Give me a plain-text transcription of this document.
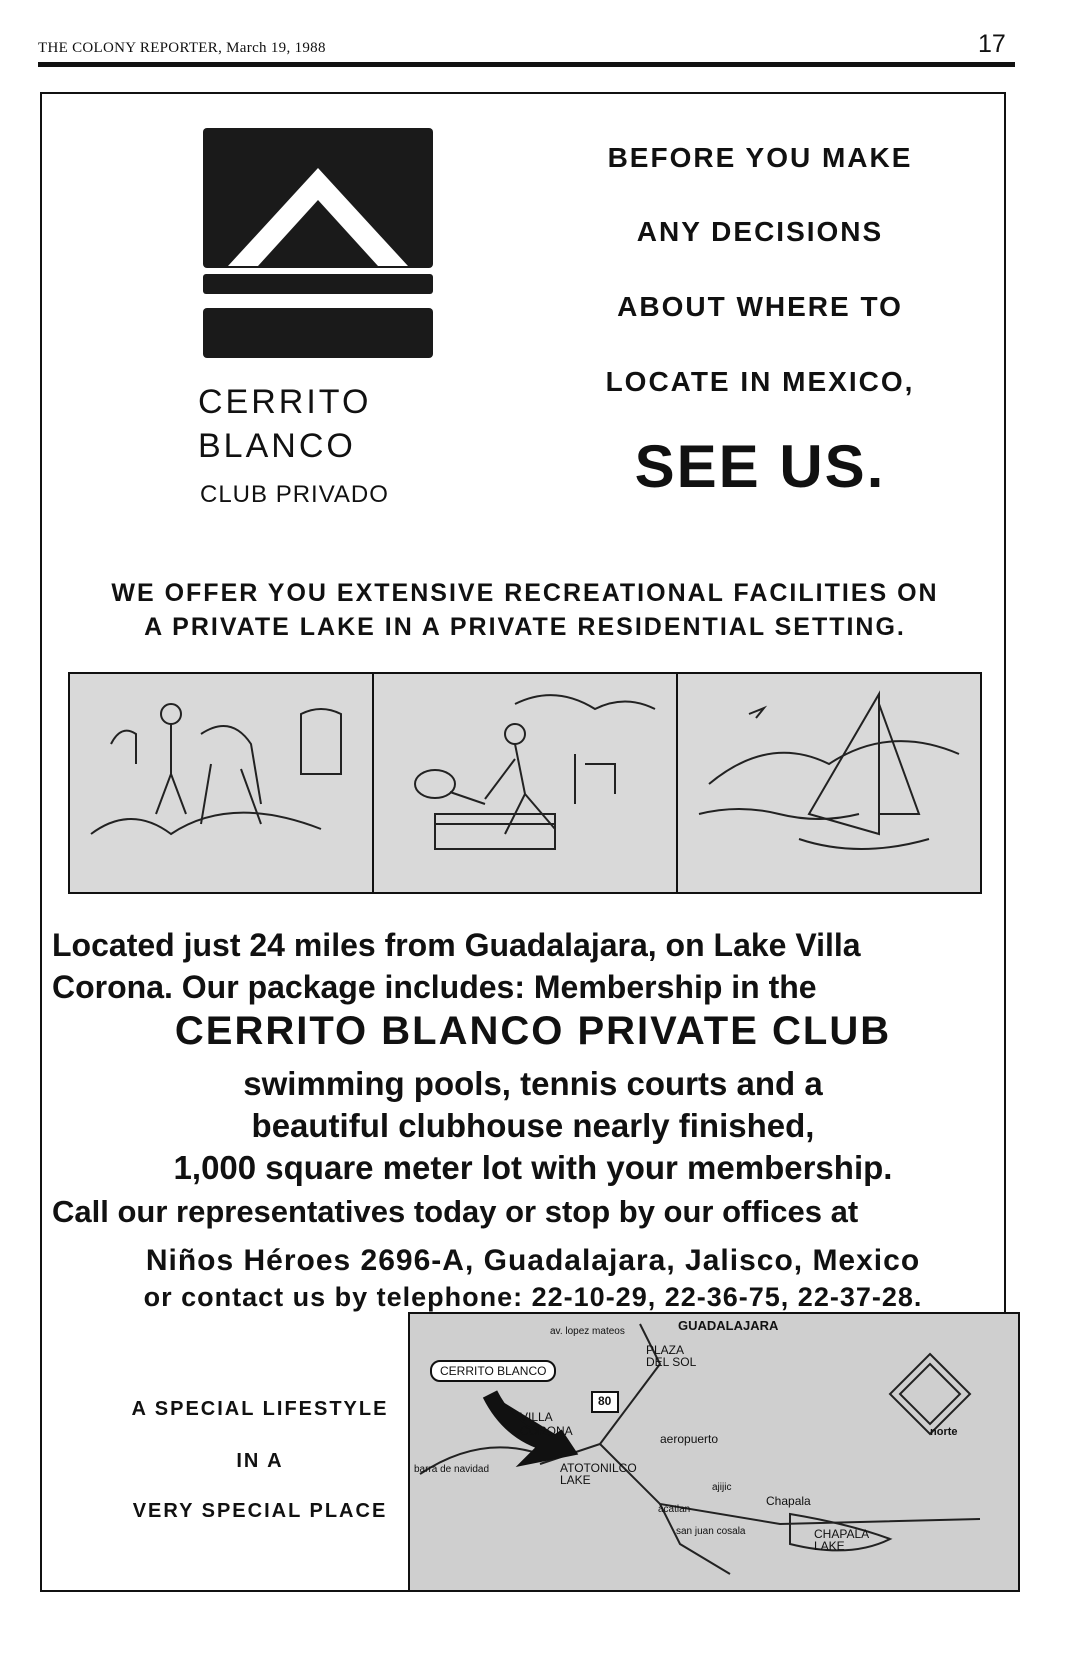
THE COLONY REPORTER, March 19, 1988	17
CERRITO
BLANCO
CLUB PRIVADO
BEFORE YOU MAKE
ANY DECISIONS
ABOUT WHERE TO
LOCATE IN MEXICO,
SEE US.
WE OFFER YOU EXTENSIVE RECREATIONAL FACILITIES ON
A PRIVATE LAKE IN A PRIVATE RESIDENTIAL SETTING.
Located just 24 miles from Guadalajara, on Lake Villa
Corona. Our package includes: Membership in the
CERRITO BLANCO PRIVATE CLUB
swimming pools, tennis courts and a
beautiful clubhouse nearly finished,
1,000 square meter lot with your membership.
Call our representatives today or stop by our offices at
Niños Héroes 2696-A, Guadalajara, Jalisco, Mexico
or contact us by telephone: 22-10-29, 22-36-75, 22-37-28.
A SPECIAL LIFESTYLE
IN A
VERY SPECIAL PLACE
GUADALAJARA
av. lopez mateos
PLAZA DEL SOL
CERRITO BLANCO
80
VILLA CORONA
aeropuerto
barra de navidad	ATOTONILCO LAKE
ajijic
Chapala
acatlan
san juan cosala	CHAPALA LAKE
norte
